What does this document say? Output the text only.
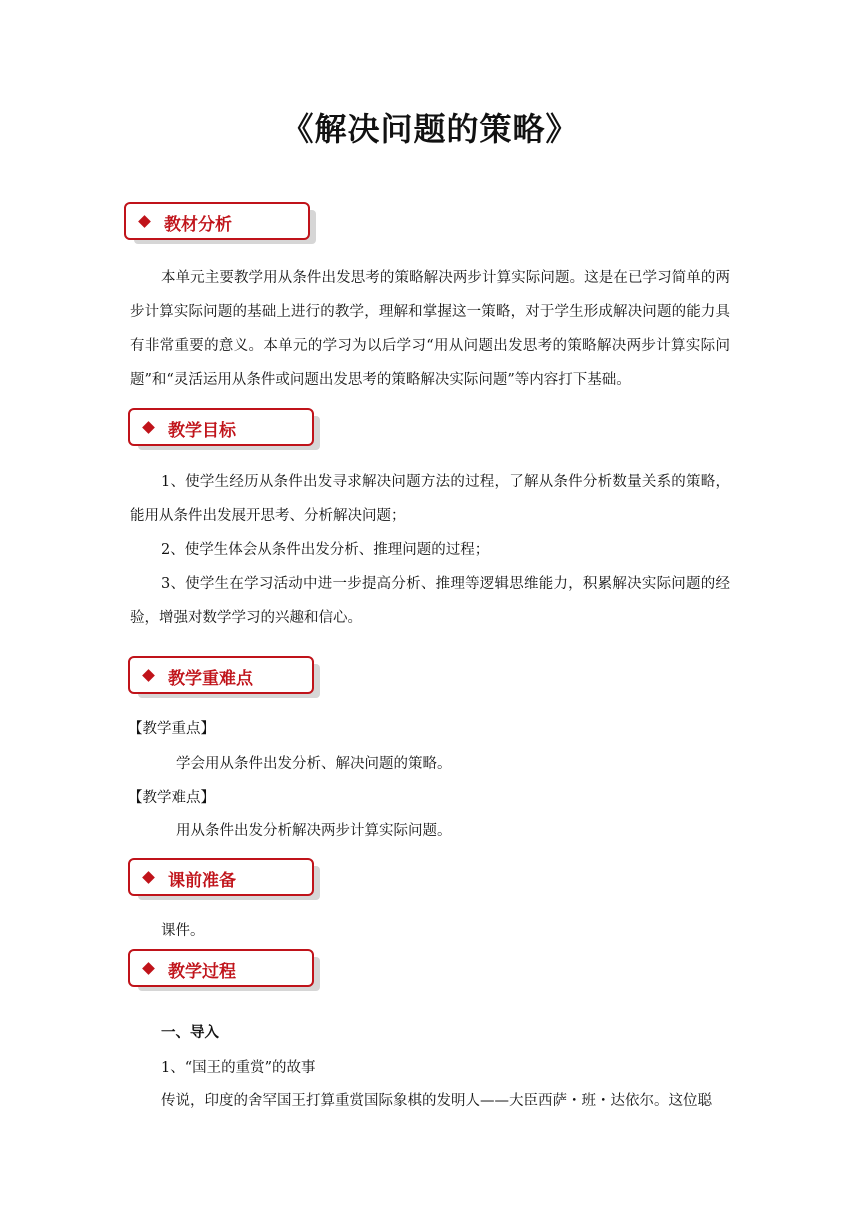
《解决问题的策略》
教材分析

本单元主要教学用从条件出发思考的策略解决两步计算实际问题。这是在已学习简单的两步计算实际问题的基础上进行的教学，理解和掌握这一策略，对于学生形成解决问题的能力具有非常重要的意义。本单元的学习为以后学习“用从问题出发思考的策略解决两步计算实际问题”和“灵活运用从条件或问题出发思考的策略解决实际问题”等内容打下基础。

教学目标

1、使学生经历从条件出发寻求解决问题方法的过程，了解从条件分析数量关系的策略，能用从条件出发展开思考、分析解决问题；

2、使学生体会从条件出发分析、推理问题的过程；

3、使学生在学习活动中进一步提高分析、推理等逻辑思维能力，积累解决实际问题的经验，增强对数学学习的兴趣和信心。

教学重难点

【教学重点】

学会用从条件出发分析、解决问题的策略。

【教学难点】

用从条件出发分析解决两步计算实际问题。

课前准备

课件。

教学过程

一、导入

1、“国王的重赏”的故事

传说，印度的舍罕国王打算重赏国际象棋的发明人——大臣西萨・班・达依尔。这位聪
